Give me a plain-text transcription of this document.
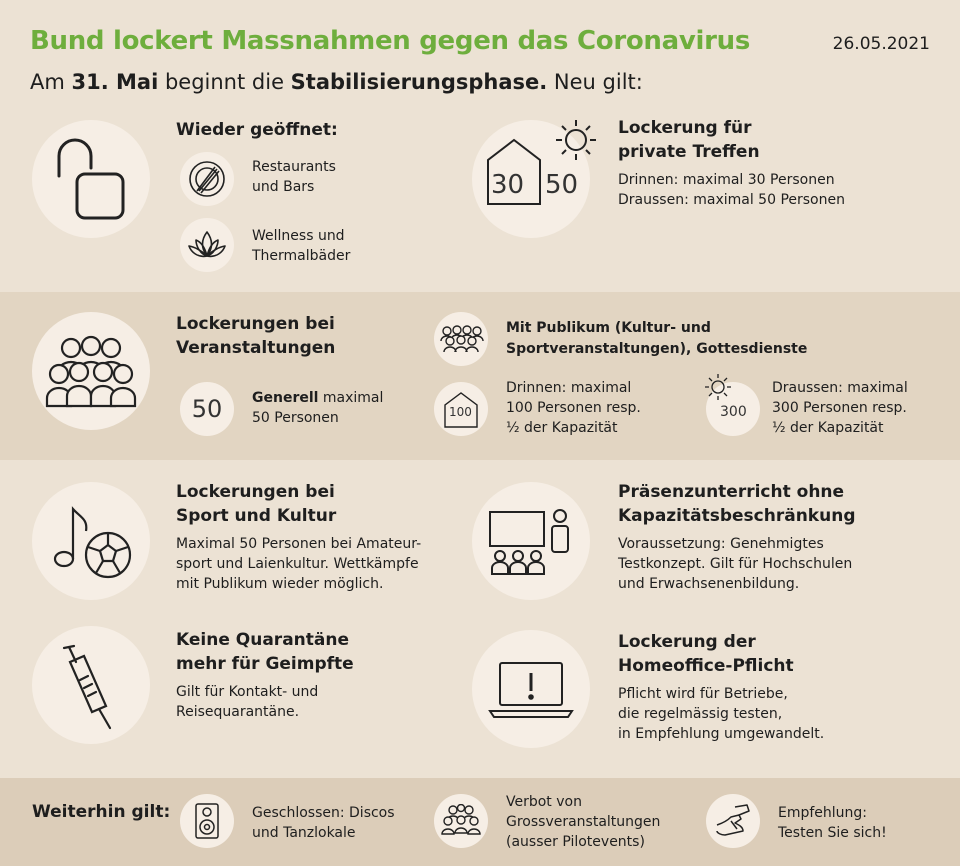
Bund lockert Massnahmen gegen das Coronavirus	26.05.2021
Am 31. Mai beginnt die Stabilisierungsphase. Neu gilt:
Wieder geöffnet:
Restaurants
und Bars
Wellness und
Thermalbäder
30 50
Lockerung für
private Treffen
Drinnen: maximal 30 Personen
Draussen: maximal 50 Personen
Lockerungen bei
Veranstaltungen
50 Generell maximal
50 Personen
Mit Publikum (Kultur- und
Sportveranstaltungen), Gottesdienste
100
Drinnen: maximal
100 Personen resp.
½ der Kapazität
300
Draussen: maximal
300 Personen resp.
½ der Kapazität
Lockerungen bei
Sport und Kultur
Maximal 50 Personen bei Amateur-
sport und Laienkultur. Wettkämpfe
mit Publikum wieder möglich.
Präsenzunterricht ohne
Kapazitätsbeschränkung
Voraussetzung: Genehmigtes
Testkonzept. Gilt für Hochschulen
und Erwachsenenbildung.
Keine Quarantäne
mehr für Geimpfte
Gilt für Kontakt- und
Reisequarantäne.
Lockerung der
Homeoffice-Pflicht
Pflicht wird für Betriebe,
die regelmässig testen,
in Empfehlung umgewandelt.
Weiterhin gilt:	Geschlossen: Discos
und Tanzlokale
Verbot von
Grossveranstaltungen
(ausser Pilotevents)
Empfehlung:
Testen Sie sich!
